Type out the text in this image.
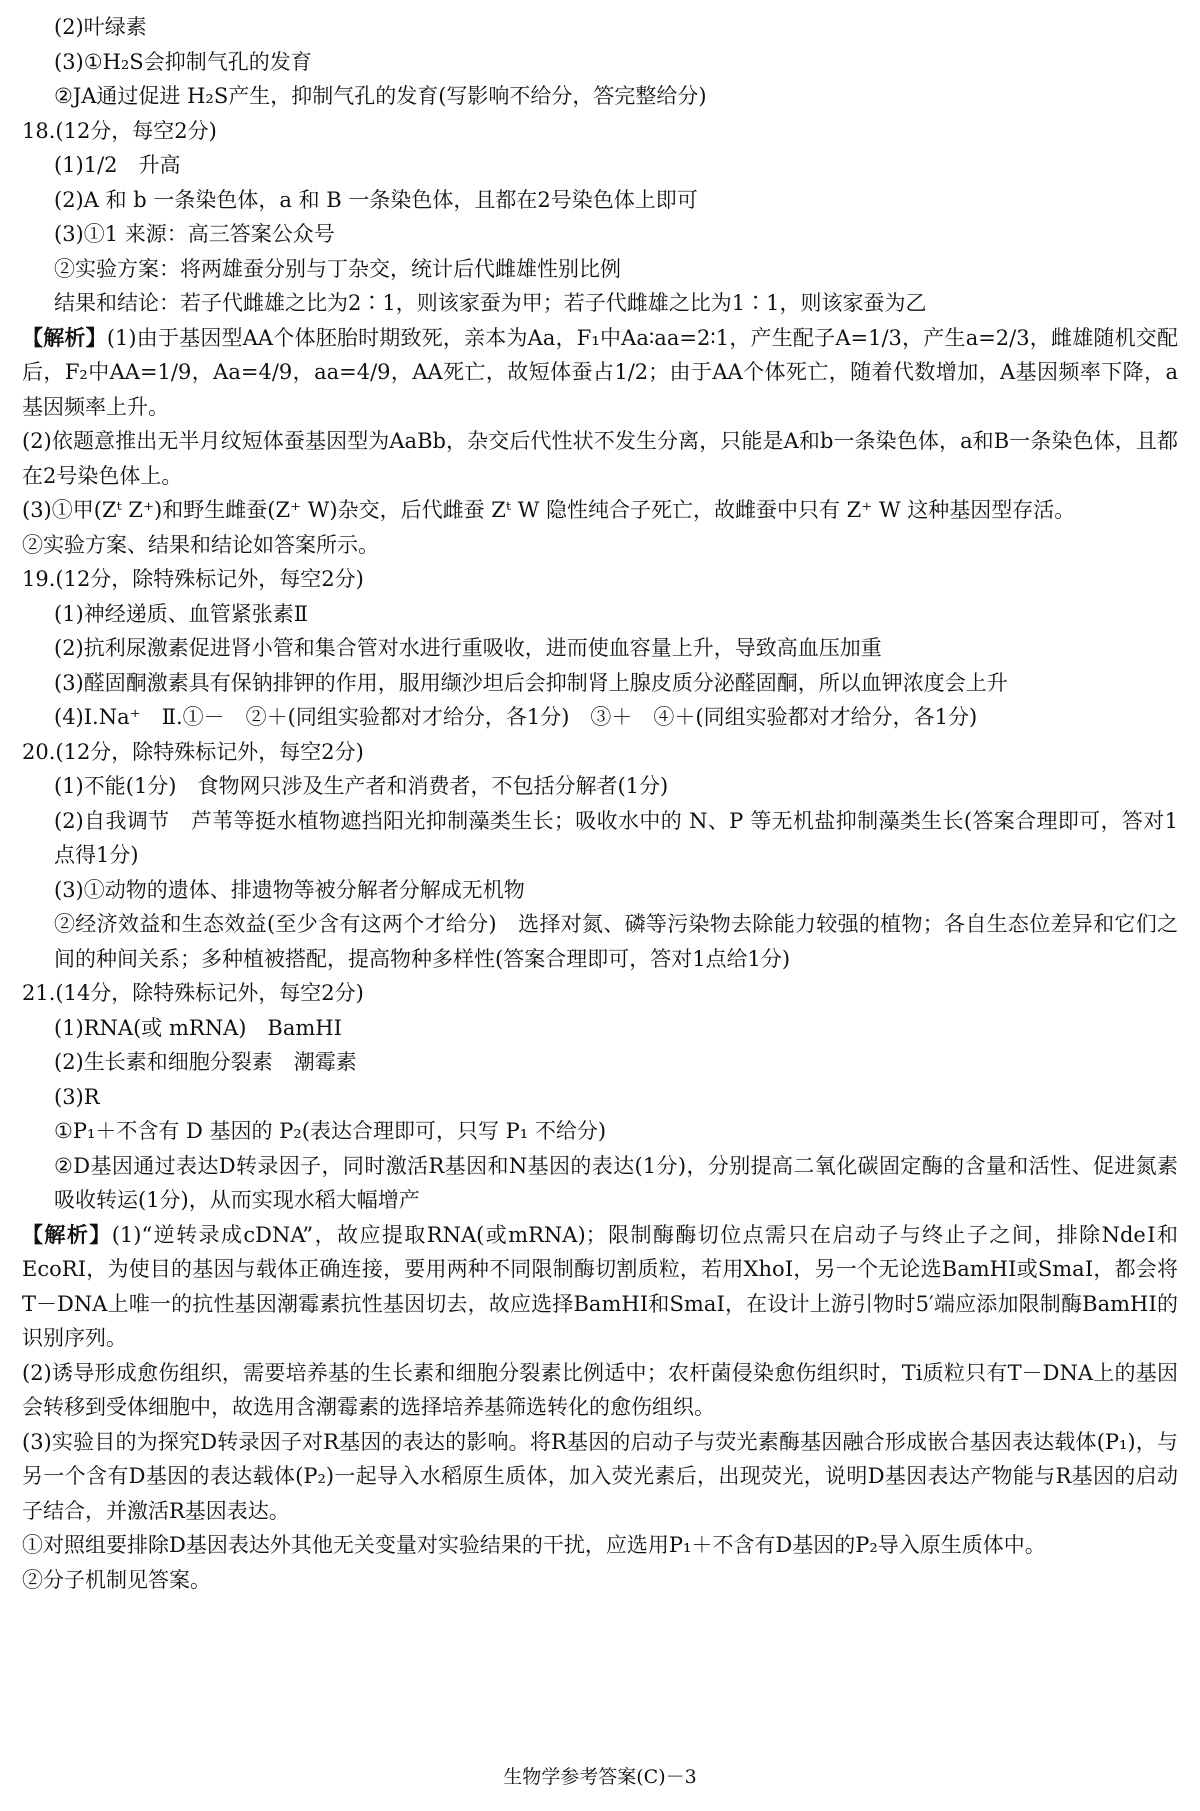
(2)叶绿素
(3)①H₂S会抑制气孔的发育
②JA通过促进 H₂S产生，抑制气孔的发育(写影响不给分，答完整给分)
18.(12分，每空2分)
(1)1/2　升高
(2)A 和 b 一条染色体，a 和 B 一条染色体，且都在2号染色体上即可
(3)①1 来源：高三答案公众号
②实验方案：将两雄蚕分别与丁杂交，统计后代雌雄性别比例
结果和结论：若子代雌雄之比为2∶1，则该家蚕为甲；若子代雌雄之比为1∶1，则该家蚕为乙
【解析】(1)由于基因型AA个体胚胎时期致死，亲本为Aa，F₁中Aa∶aa=2∶1，产生配子A=1/3，产生a=2/3，雌雄随机交配后，F₂中AA=1/9，Aa=4/9，aa=4/9，AA死亡，故短体蚕占1/2；由于AA个体死亡，随着代数增加，A基因频率下降，a基因频率上升。
(2)依题意推出无半月纹短体蚕基因型为AaBb，杂交后代性状不发生分离，只能是A和b一条染色体，a和B一条染色体，且都在2号染色体上。
(3)①甲(Zᵗ Z⁺)和野生雌蚕(Z⁺ W)杂交，后代雌蚕 Zᵗ W 隐性纯合子死亡，故雌蚕中只有 Z⁺ W 这种基因型存活。
②实验方案、结果和结论如答案所示。
19.(12分，除特殊标记外，每空2分)
(1)神经递质、血管紧张素Ⅱ
(2)抗利尿激素促进肾小管和集合管对水进行重吸收，进而使血容量上升，导致高血压加重
(3)醛固酮激素具有保钠排钾的作用，服用缬沙坦后会抑制肾上腺皮质分泌醛固酮，所以血钾浓度会上升
(4)Ⅰ.Na⁺　Ⅱ.①－　②＋(同组实验都对才给分，各1分)　③＋　④＋(同组实验都对才给分，各1分)
20.(12分，除特殊标记外，每空2分)
(1)不能(1分)　食物网只涉及生产者和消费者，不包括分解者(1分)
(2)自我调节　芦苇等挺水植物遮挡阳光抑制藻类生长；吸收水中的 N、P 等无机盐抑制藻类生长(答案合理即可，答对1点得1分)
(3)①动物的遗体、排遗物等被分解者分解成无机物
②经济效益和生态效益(至少含有这两个才给分)　选择对氮、磷等污染物去除能力较强的植物；各自生态位差异和它们之间的种间关系；多种植被搭配，提高物种多样性(答案合理即可，答对1点给1分)
21.(14分，除特殊标记外，每空2分)
(1)RNA(或 mRNA)　BamHⅠ
(2)生长素和细胞分裂素　潮霉素
(3)R
①P₁＋不含有 D 基因的 P₂(表达合理即可，只写 P₁ 不给分)
②D基因通过表达D转录因子，同时激活R基因和N基因的表达(1分)，分别提高二氧化碳固定酶的含量和活性、促进氮素吸收转运(1分)，从而实现水稻大幅增产
【解析】(1)“逆转录成cDNA”，故应提取RNA(或mRNA)；限制酶酶切位点需只在启动子与终止子之间，排除NdeⅠ和EcoRⅠ，为使目的基因与载体正确连接，要用两种不同限制酶切割质粒，若用XhoⅠ，另一个无论选BamHⅠ或SmaⅠ，都会将T－DNA上唯一的抗性基因潮霉素抗性基因切去，故应选择BamHⅠ和SmaⅠ，在设计上游引物时5′端应添加限制酶BamHⅠ的识别序列。
(2)诱导形成愈伤组织，需要培养基的生长素和细胞分裂素比例适中；农杆菌侵染愈伤组织时，Ti质粒只有T－DNA上的基因会转移到受体细胞中，故选用含潮霉素的选择培养基筛选转化的愈伤组织。
(3)实验目的为探究D转录因子对R基因的表达的影响。将R基因的启动子与荧光素酶基因融合形成嵌合基因表达载体(P₁)，与另一个含有D基因的表达载体(P₂)一起导入水稻原生质体，加入荧光素后，出现荧光，说明D基因表达产物能与R基因的启动子结合，并激活R基因表达。
①对照组要排除D基因表达外其他无关变量对实验结果的干扰，应选用P₁＋不含有D基因的P₂导入原生质体中。
②分子机制见答案。
生物学参考答案(C)－3
